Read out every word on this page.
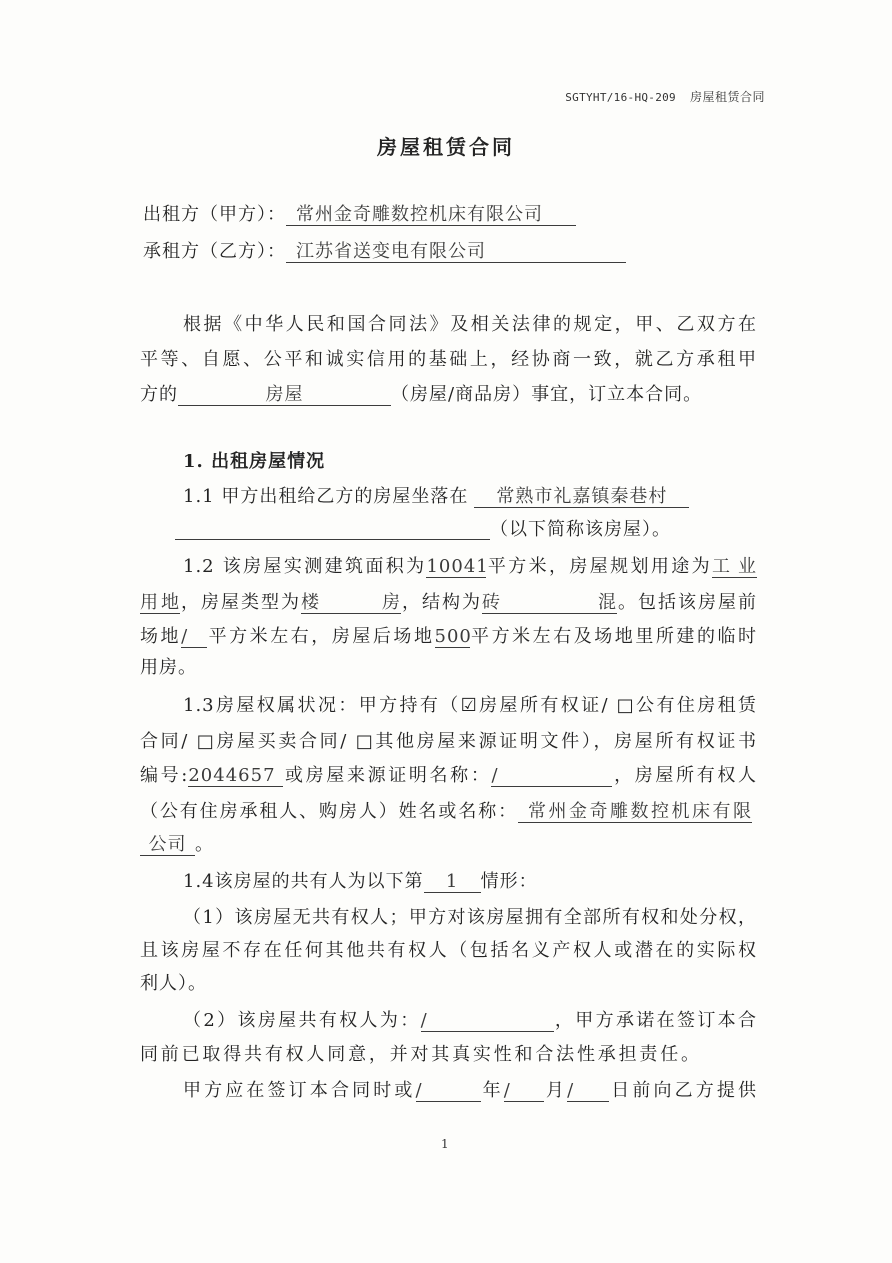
SGTYHT/16-HQ-209 房屋租赁合同
房屋租赁合同
出租方（甲方）： 常州金奇雕数控机床有限公司
承租方（乙方）： 江苏省送变电有限公司
根据《中华人民和国合同法》及相关法律的规定，甲、乙双方在
平等、自愿、公平和诚实信用的基础上，经协商一致，就乙方承租甲
方的	房屋	（房屋/商品房）事宜，订立本合同。
1. 出租房屋情况
1.1 甲方出租给乙方的房屋坐落在 常熟市礼嘉镇秦巷村
（以下简称该房屋）。
1.2 该房屋实测建筑面积为10041平方米，房屋规划用途为工业
用地，房屋类型为楼房，结构为砖混。包括该房屋前
场地/ 平方米左右，房屋后场地500平方米左右及场地里所建的临时
用房。
1.3房屋权属状况：甲方持有（☑房屋所有权证/ □公有住房租赁
合同/ □房屋买卖合同/ □其他房屋来源证明文件），房屋所有权证书
编号:2044657 或房屋来源证明名称：/	，房屋所有权人
（公有住房承租人、购房人）姓名或名称： 常州金奇雕数控机床有限
公司 。
1.4该房屋的共有人为以下第 1 情形：
（1）该房屋无共有权人；甲方对该房屋拥有全部所有权和处分权，
且该房屋不存在任何其他共有权人（包括名义产权人或潜在的实际权
利人）。
（2）该房屋共有权人为：/	，甲方承诺在签订本合
同前已取得共有权人同意，并对其真实性和合法性承担责任。
甲方应在签订本合同时或/	年/ 月/ 日前向乙方提供
1
